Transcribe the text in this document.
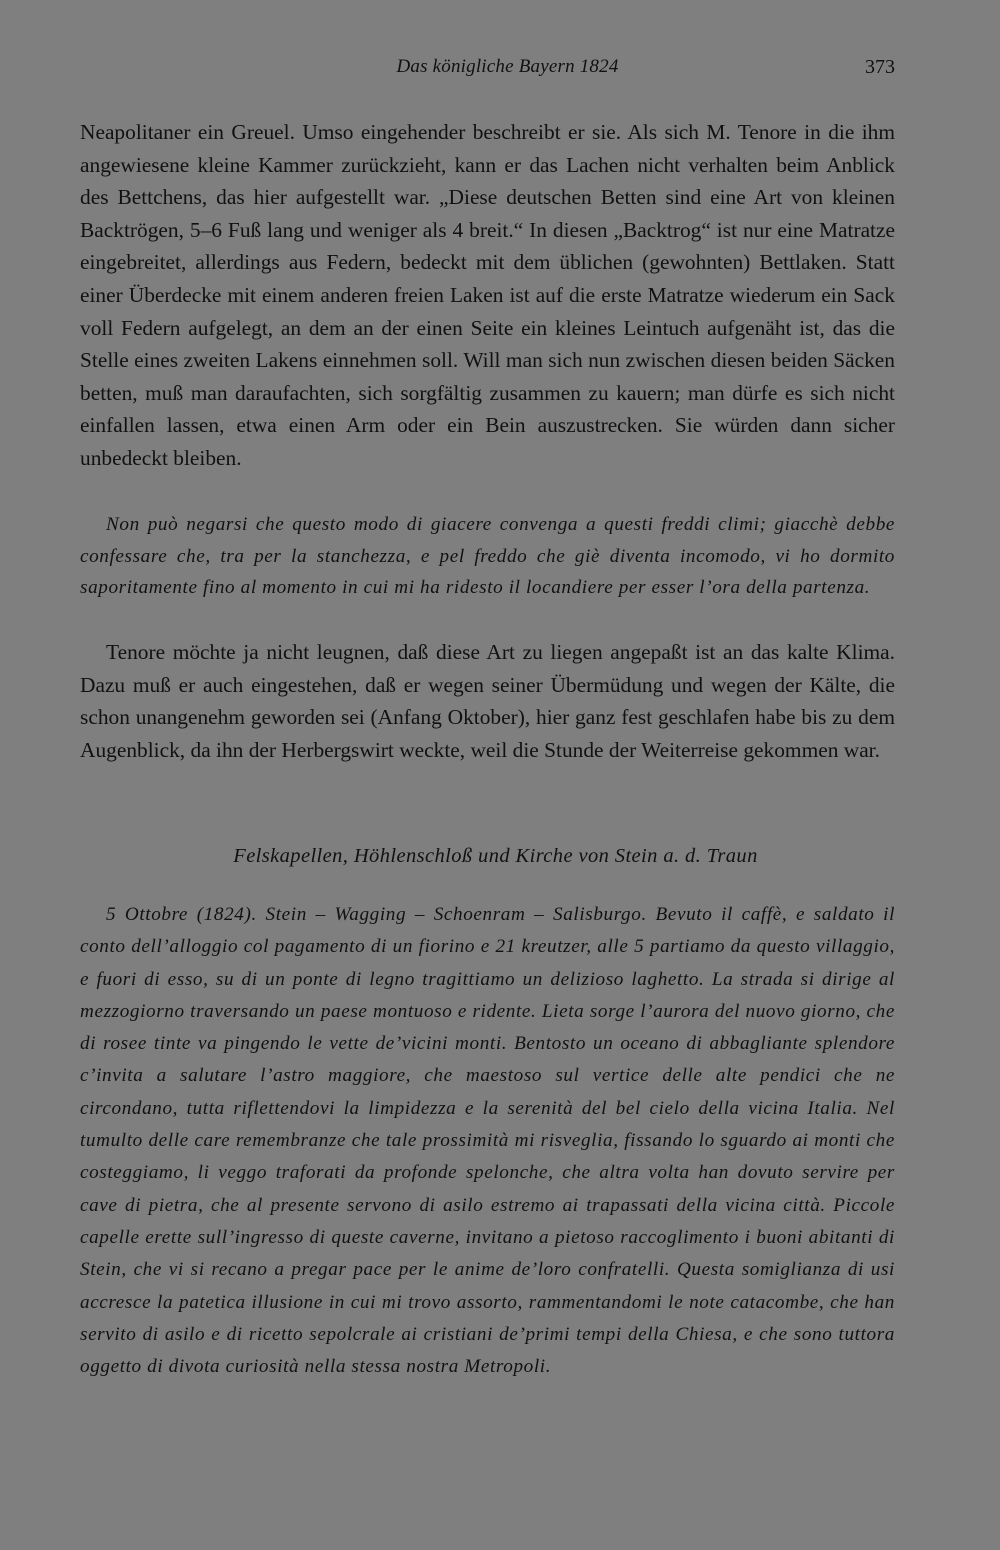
Das königliche Bayern 1824	373

Neapolitaner ein Greuel. Umso eingehender beschreibt er sie. Als sich M. Tenore in die ihm angewiesene kleine Kammer zurückzieht, kann er das Lachen nicht verhalten beim Anblick des Bettchens, das hier aufgestellt war. „Diese deutschen Betten sind eine Art von kleinen Backtrögen, 5–6 Fuß lang und weniger als 4 breit.“ In diesen „Backtrog“ ist nur eine Matratze eingebreitet, allerdings aus Federn, bedeckt mit dem üblichen (gewohnten) Bettlaken. Statt einer Überdecke mit einem anderen freien Laken ist auf die erste Matratze wiederum ein Sack voll Federn aufgelegt, an dem an der einen Seite ein kleines Leintuch aufgenäht ist, das die Stelle eines zweiten Lakens einnehmen soll. Will man sich nun zwischen diesen beiden Säcken betten, muß man daraufachten, sich sorgfältig zusammen zu kauern; man dürfe es sich nicht einfallen lassen, etwa einen Arm oder ein Bein auszustrecken. Sie würden dann sicher unbedeckt bleiben.

Non può negarsi che questo modo di giacere convenga a questi freddi climi; giacchè debbe confessare che, tra per la stanchezza, e pel freddo che giè diventa incomodo, vi ho dormito saporitamente fino al momento in cui mi ha ridesto il locandiere per esser l’ora della partenza.

Tenore möchte ja nicht leugnen, daß diese Art zu liegen angepaßt ist an das kalte Klima. Dazu muß er auch eingestehen, daß er wegen seiner Übermüdung und wegen der Kälte, die schon unangenehm geworden sei (Anfang Oktober), hier ganz fest geschlafen habe bis zu dem Augenblick, da ihn der Herbergswirt weckte, weil die Stunde der Weiterreise gekommen war.

Felskapellen, Höhlenschloß und Kirche von Stein a. d. Traun

5 Ottobre (1824). Stein – Wagging – Schoenram – Salisburgo. Bevuto il caffè, e saldato il conto dell’alloggio col pagamento di un fiorino e 21 kreutzer, alle 5 partiamo da questo villaggio, e fuori di esso, su di un ponte di legno tragittiamo un delizioso laghetto. La strada si dirige al mezzogiorno traversando un paese montuoso e ridente. Lieta sorge l’aurora del nuovo giorno, che di rosee tinte va pingendo le vette de’vicini monti. Bentosto un oceano di abbagliante splendore c’invita a salutare l’astro maggiore, che maestoso sul vertice delle alte pendici che ne circondano, tutta riflettendovi la limpidezza e la serenità del bel cielo della vicina Italia. Nel tumulto delle care remembranze che tale prossimità mi risveglia, fissando lo sguardo ai monti che costeggiamo, li veggo traforati da profonde spelonche, che altra volta han dovuto servire per cave di pietra, che al presente servono di asilo estremo ai trapassati della vicina città. Piccole capelle erette sull’ingresso di queste caverne, invitano a pietoso raccoglimento i buoni abitanti di Stein, che vi si recano a pregar pace per le anime de’loro confratelli. Questa somiglianza di usi accresce la patetica illusione in cui mi trovo assorto, rammentandomi le note catacombe, che han servito di asilo e di ricetto sepolcrale ai cristiani de’primi tempi della Chiesa, e che sono tuttora oggetto di divota curiosità nella stessa nostra Metropoli.
